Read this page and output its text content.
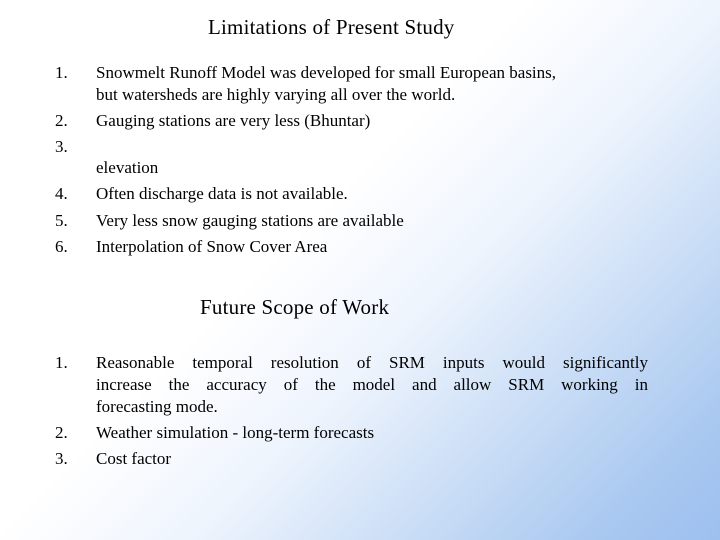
Limitations of Present Study
1. Snowmelt Runoff Model was developed for small European basins,
but watersheds are highly varying all over the world.
2. Gauging stations are very less (Bhuntar)
3.
elevation
4. Often discharge data is not available.
5. Very less snow gauging stations are available
6. Interpolation of Snow Cover Area
Future Scope of Work
1. Reasonable temporal resolution of SRM inputs would significantly
increase the accuracy of the model and allow SRM working in
forecasting mode.
2. Weather simulation - long-term forecasts
3. Cost factor
